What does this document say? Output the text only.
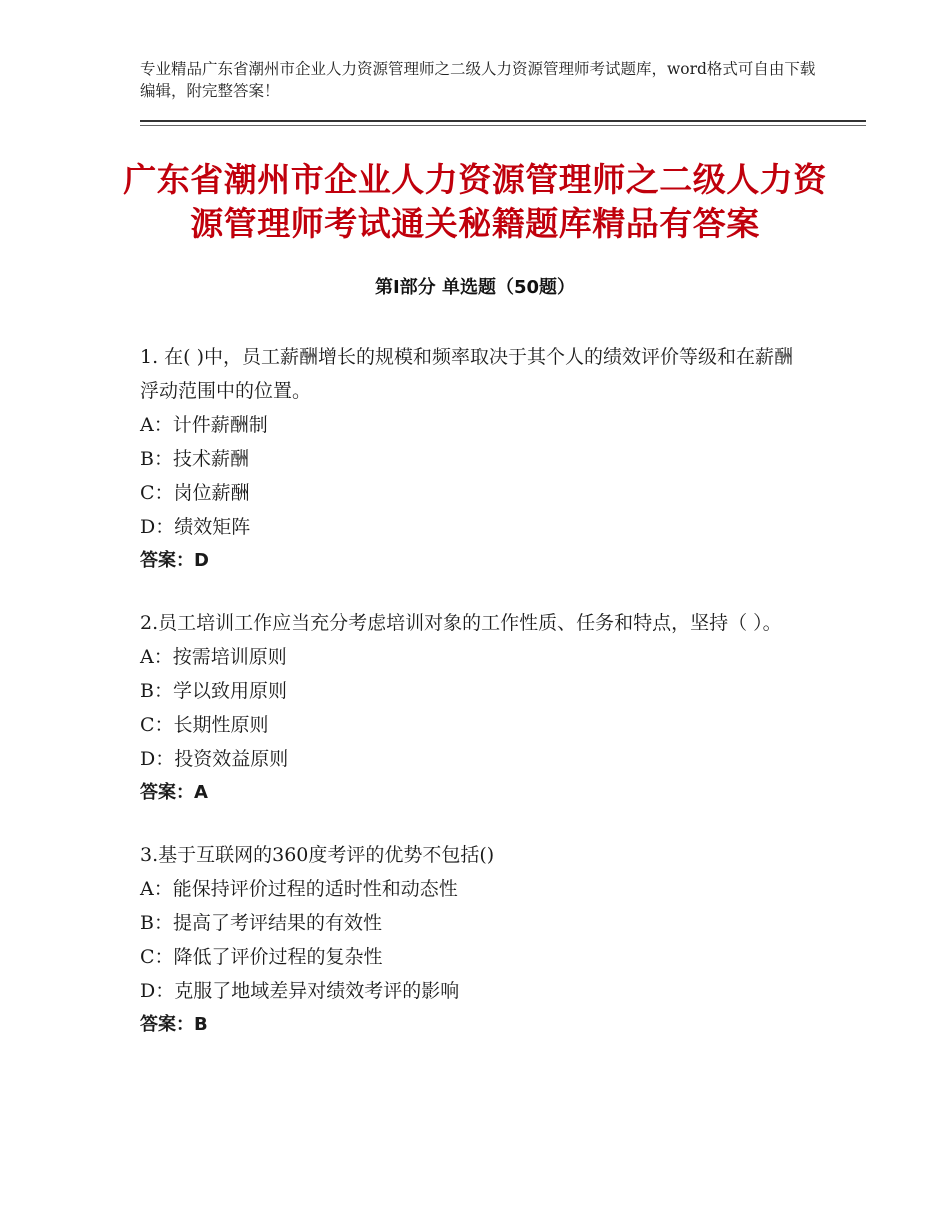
专业精品广东省潮州市企业人力资源管理师之二级人力资源管理师考试题库，word格式可自由下载编辑，附完整答案！
广东省潮州市企业人力资源管理师之二级人力资源管理师考试通关秘籍题库精品有答案
第Ⅰ部分 单选题（50题）

1. 在( )中，员工薪酬增长的规模和频率取决于其个人的绩效评价等级和在薪酬浮动范围中的位置。

A：计件薪酬制

B：技术薪酬

C：岗位薪酬

D：绩效矩阵

答案：D

2.员工培训工作应当充分考虑培训对象的工作性质、任务和特点，坚持（ ）。

A：按需培训原则

B：学以致用原则

C：长期性原则

D：投资效益原则

答案：A

3.基于互联网的360度考评的优势不包括()

A：能保持评价过程的适时性和动态性

B：提高了考评结果的有效性

C：降低了评价过程的复杂性

D：克服了地域差异对绩效考评的影响

答案：B
